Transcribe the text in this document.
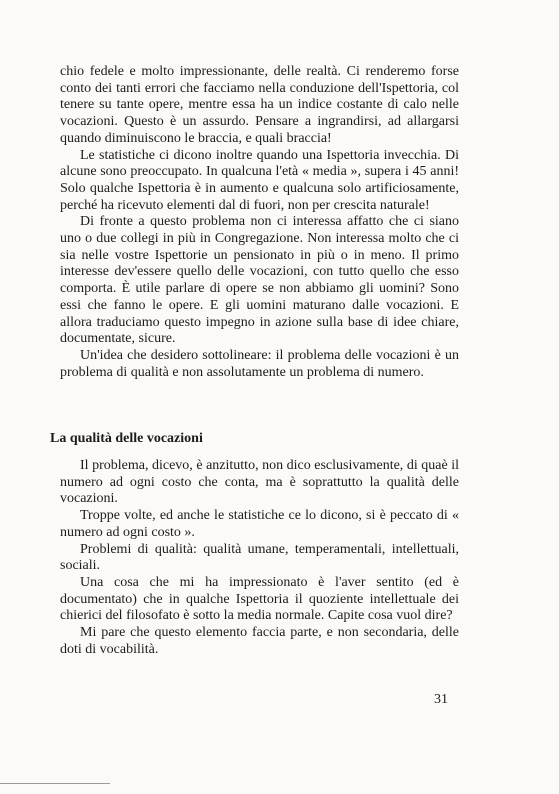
chio fedele e molto impressionante, delle realtà. Ci renderemo forse conto dei tanti errori che facciamo nella conduzione dell'Ispettoria, col tenere su tante opere, mentre essa ha un indice costante di calo nelle vocazioni. Questo è un assurdo. Pensare a ingrandirsi, ad allargarsi quando diminuiscono le braccia, e quali braccia!

Le statistiche ci dicono inoltre quando una Ispettoria invecchia. Di alcune sono preoccupato. In qualcuna l'età « media », supera i 45 anni! Solo qualche Ispettoria è in aumento e qualcuna solo artificiosamente, perché ha ricevuto elementi dal di fuori, non per crescita naturale!

Di fronte a questo problema non ci interessa affatto che ci siano uno o due collegi in più in Congregazione. Non interessa molto che ci sia nelle vostre Ispettorie un pensionato in più o in meno. Il primo interesse dev'essere quello delle vocazioni, con tutto quello che esso comporta. È utile parlare di opere se non abbiamo gli uomini? Sono essi che fanno le opere. E gli uomini maturano dalle vocazioni. E allora traduciamo questo impegno in azione sulla base di idee chiare, documentate, sicure.

Un'idea che desidero sottolineare: il problema delle vocazioni è un problema di qualità e non assolutamente un problema di numero.

La qualità delle vocazioni

Il problema, dicevo, è anzitutto, non dico esclusivamente, di quaè il numero ad ogni costo che conta, ma è soprattutto la qualità delle vocazioni.

Troppe volte, ed anche le statistiche ce lo dicono, si è peccato di « numero ad ogni costo ».

Problemi di qualità: qualità umane, temperamentali, intellettuali, sociali.

Una cosa che mi ha impressionato è l'aver sentito (ed è documentato) che in qualche Ispettoria il quoziente intellettuale dei chierici del filosofato è sotto la media normale. Capite cosa vuol dire?

Mi pare che questo elemento faccia parte, e non secondaria, delle doti di vocabilità.

31
